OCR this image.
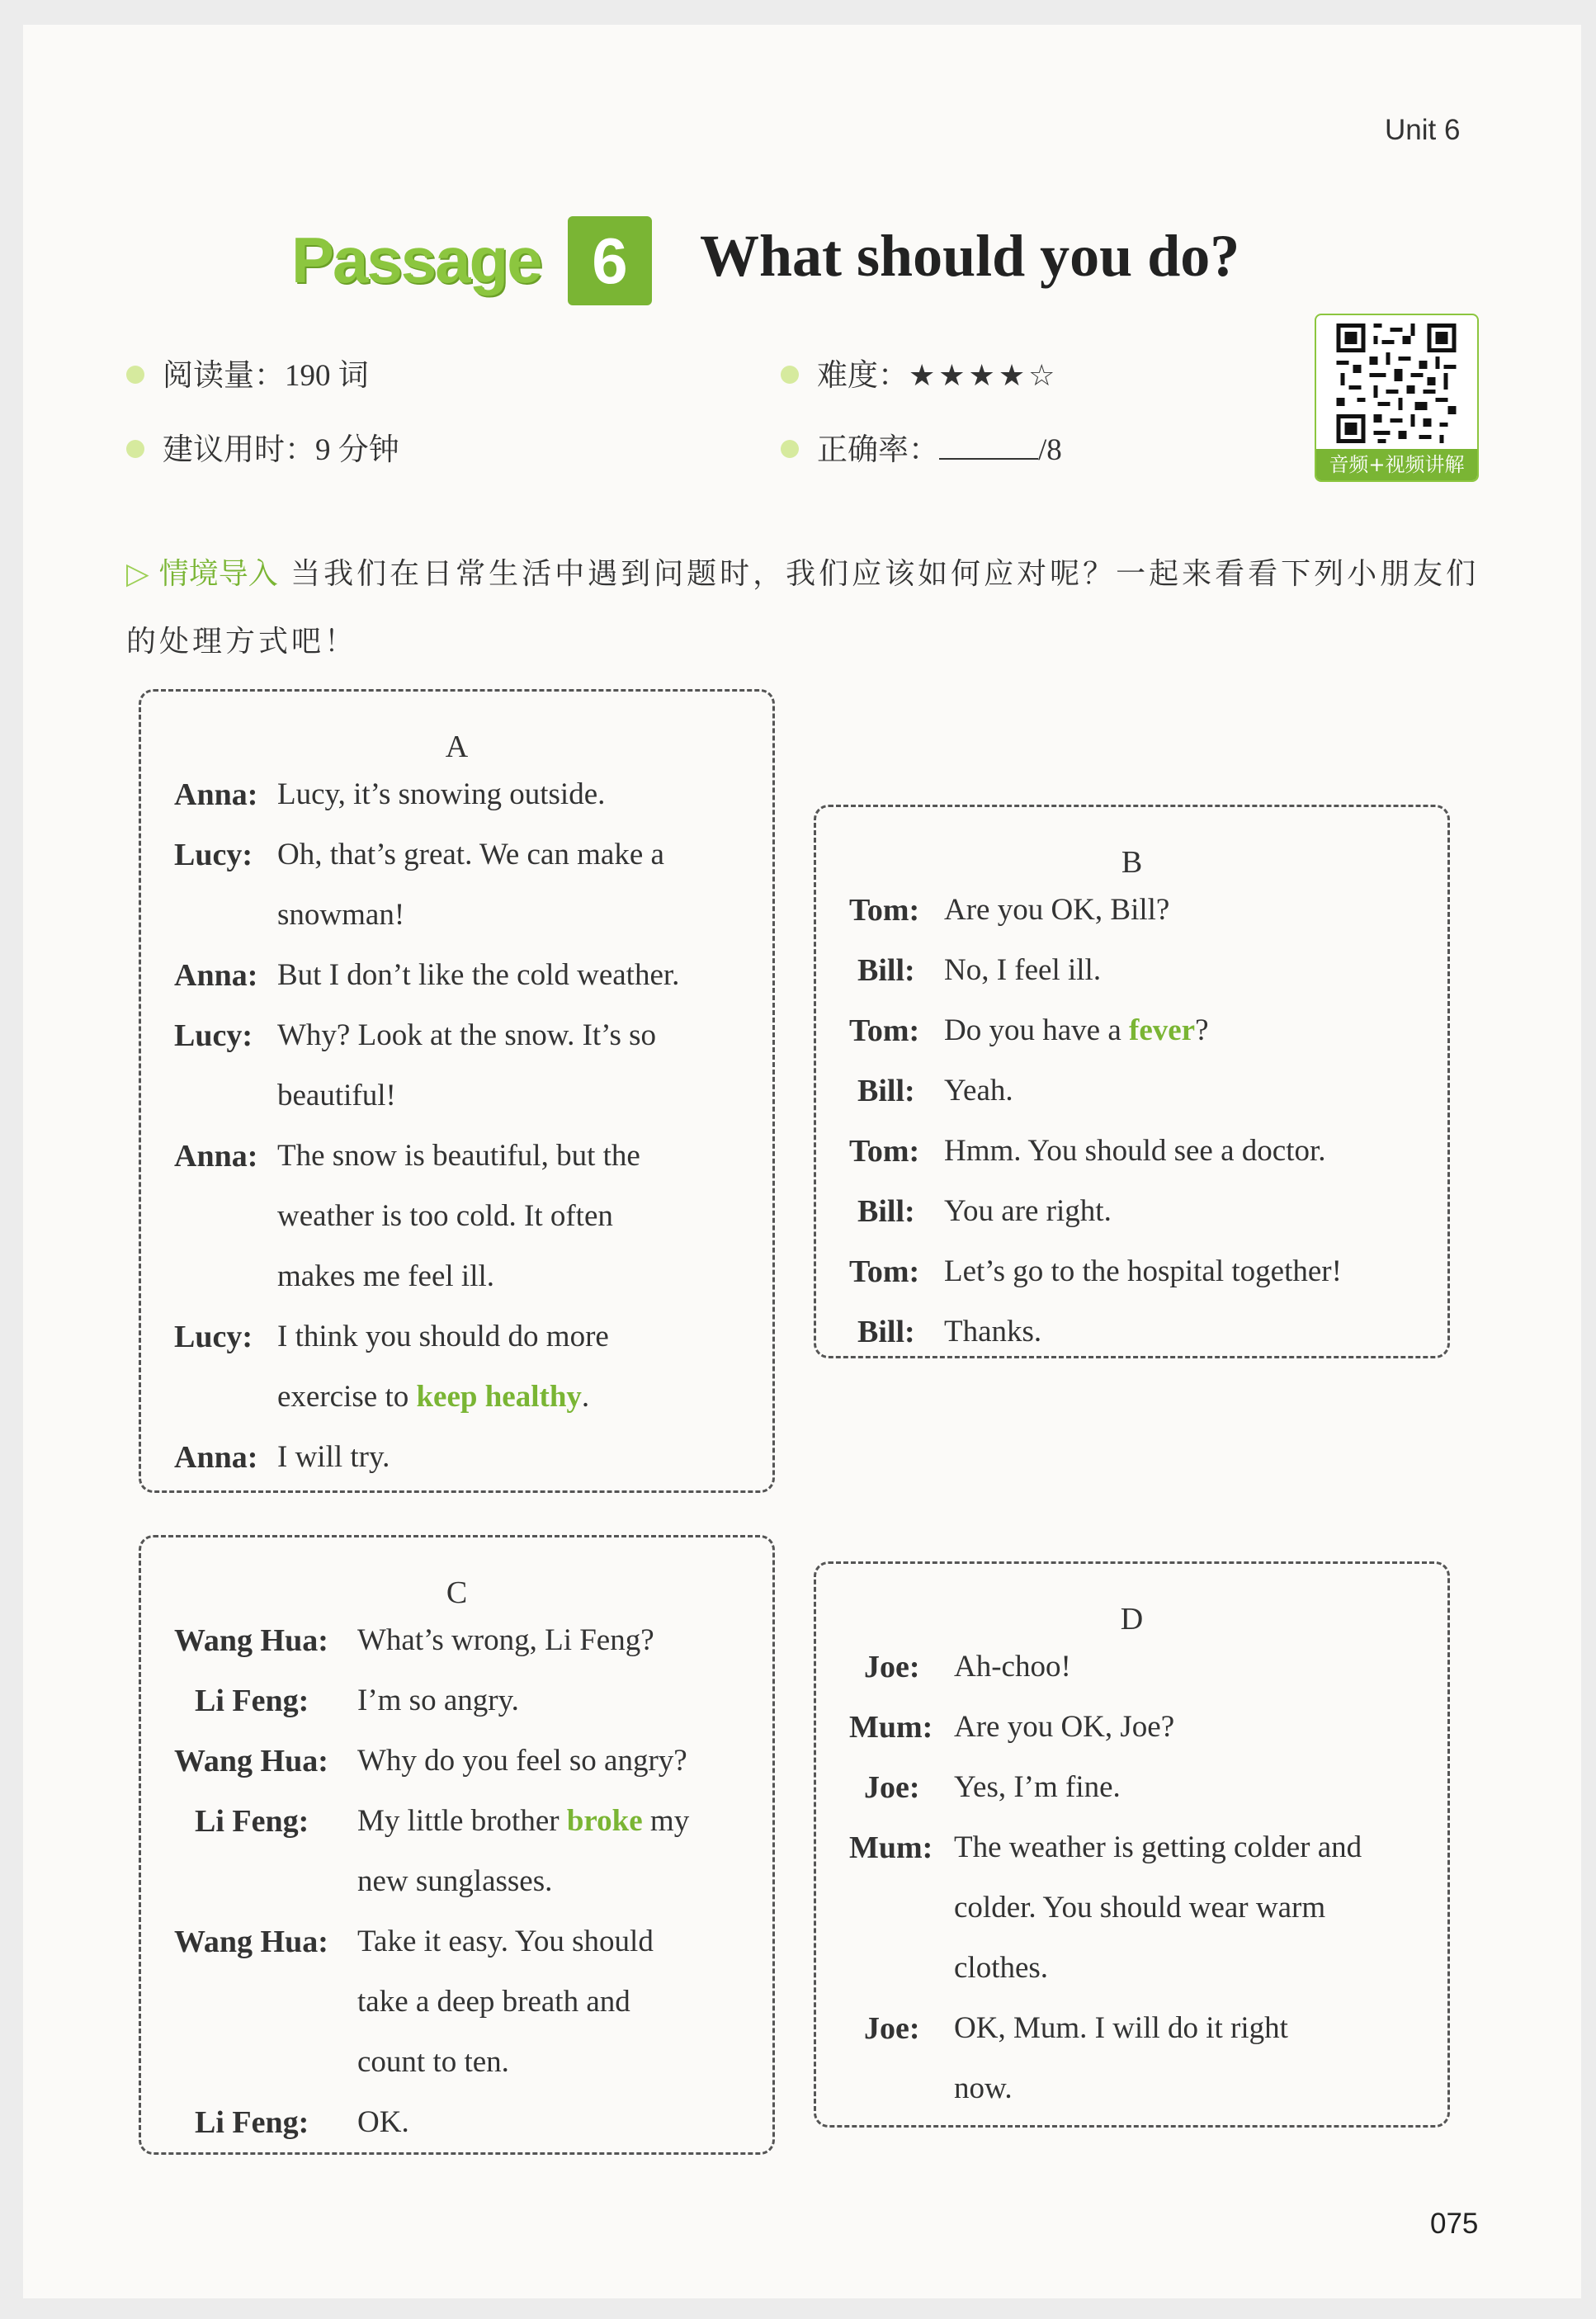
Unit 6
Passage 6	What should you do?
阅读量：190 词
建议用时：9 分钟
难度：★★★★☆
正确率：	/8	音频+视频讲解
▷ 情境导入 当我们在日常生活中遇到问题时，我们应该如何应对呢？一起来看看下列小朋友们的处理方式吧！
A
Anna: Lucy, it’s snowing outside.
Lucy: Oh, that’s great. We can make a
snowman!
Anna: But I don’t like the cold weather.
Lucy: Why? Look at the snow. It’s so
beautiful!
Anna: The snow is beautiful, but the
weather is too cold. It often
makes me feel ill.
Lucy: I think you should do more
exercise to keep healthy.
Anna: I will try.
B
Tom: Are you OK, Bill?
Bill: No, I feel ill.
Tom: Do you have a fever?
Bill: Yeah.
Tom: Hmm. You should see a doctor.
Bill: You are right.
Tom: Let’s go to the hospital together!
Bill: Thanks.
C
Wang Hua: What’s wrong, Li Feng?
Li Feng: I’m so angry.
Wang Hua: Why do you feel so angry?
Li Feng: My little brother broke my
new sunglasses.
Wang Hua: Take it easy. You should
take a deep breath and
count to ten.
Li Feng: OK.
D
Joe: Ah-choo!
Mum: Are you OK, Joe?
Joe: Yes, I’m fine.
Mum: The weather is getting colder and
colder. You should wear warm
clothes.
Joe: OK, Mum. I will do it right
now.
075
